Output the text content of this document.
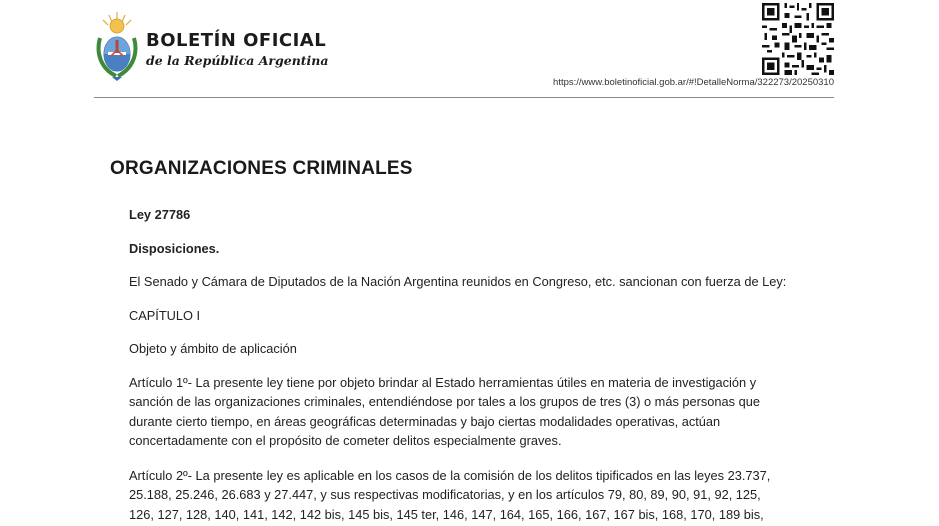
BOLETÍN OFICIAL
de la República Argentina
https://www.boletinoficial.gob.ar/#!DetalleNorma/322273/20250310
ORGANIZACIONES CRIMINALES

Ley 27786

Disposiciones.

El Senado y Cámara de Diputados de la Nación Argentina reunidos en Congreso, etc. sancionan con fuerza de Ley:

CAPÍTULO I

Objeto y ámbito de aplicación

Artículo 1º- La presente ley tiene por objeto brindar al Estado herramientas útiles en materia de investigación y
sanción de las organizaciones criminales, entendiéndose por tales a los grupos de tres (3) o más personas que
durante cierto tiempo, en áreas geográficas determinadas y bajo ciertas modalidades operativas, actúan
concertadamente con el propósito de cometer delitos especialmente graves.

Artículo 2º- La presente ley es aplicable en los casos de la comisión de los delitos tipificados en las leyes 23.737,
25.188, 25.246, 26.683 y 27.447, y sus respectivas modificatorias, y en los artículos 79, 80, 89, 90, 91, 92, 125,
126, 127, 128, 140, 141, 142, 142 bis, 145 bis, 145 ter, 146, 147, 164, 165, 166, 167, 167 bis, 168, 170, 189 bis,
